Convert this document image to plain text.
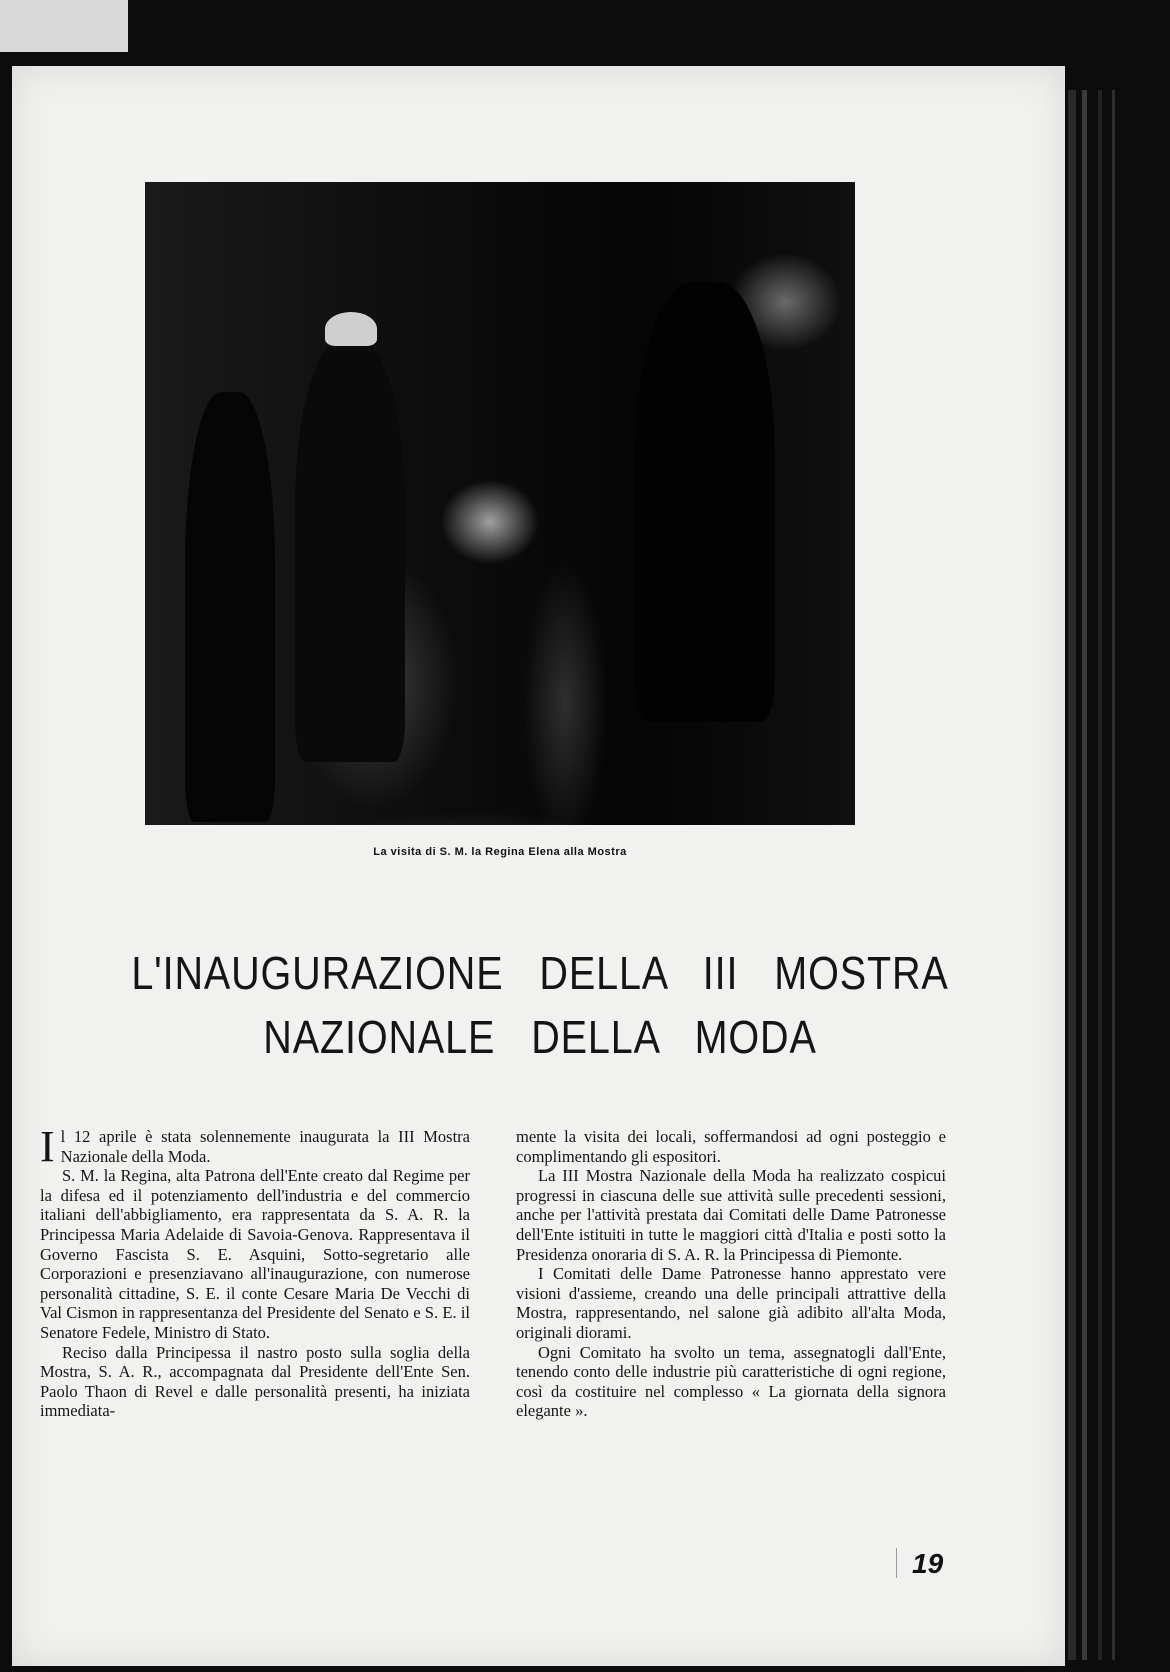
La visita di S. M. la Regina Elena alla Mostra
L'INAUGURAZIONE DELLA III MOSTRA
NAZIONALE DELLA MODA

Il 12 aprile è stata solennemente inaugurata la III Mostra Nazionale della Moda.

S. M. la Regina, alta Patrona dell'Ente creato dal Regime per la difesa ed il potenziamento dell'industria e del commercio italiani dell'abbigliamento, era rappresentata da S. A. R. la Principessa Maria Adelaide di Savoia-Genova. Rappresentava il Governo Fascista S. E. Asquini, Sotto-segretario alle Corporazioni e presenziavano all'inaugurazione, con numerose personalità cittadine, S. E. il conte Cesare Maria De Vecchi di Val Cismon in rappresentanza del Presidente del Senato e S. E. il Senatore Fedele, Ministro di Stato.

Reciso dalla Principessa il nastro posto sulla soglia della Mostra, S. A. R., accompagnata dal Presidente dell'Ente Sen. Paolo Thaon di Revel e dalle personalità presenti, ha iniziata immediata-

mente la visita dei locali, soffermandosi ad ogni posteggio e complimentando gli espositori.

La III Mostra Nazionale della Moda ha realizzato cospicui progressi in ciascuna delle sue attività sulle precedenti sessioni, anche per l'attività prestata dai Comitati delle Dame Patronesse dell'Ente istituiti in tutte le maggiori città d'Italia e posti sotto la Presidenza onoraria di S. A. R. la Principessa di Piemonte.

I Comitati delle Dame Patronesse hanno apprestato vere visioni d'assieme, creando una delle principali attrattive della Mostra, rappresentando, nel salone già adibito all'alta Moda, originali diorami.

Ogni Comitato ha svolto un tema, assegnatogli dall'Ente, tenendo conto delle industrie più caratteristiche di ogni regione, così da costituire nel complesso « La giornata della signora elegante ».

19
